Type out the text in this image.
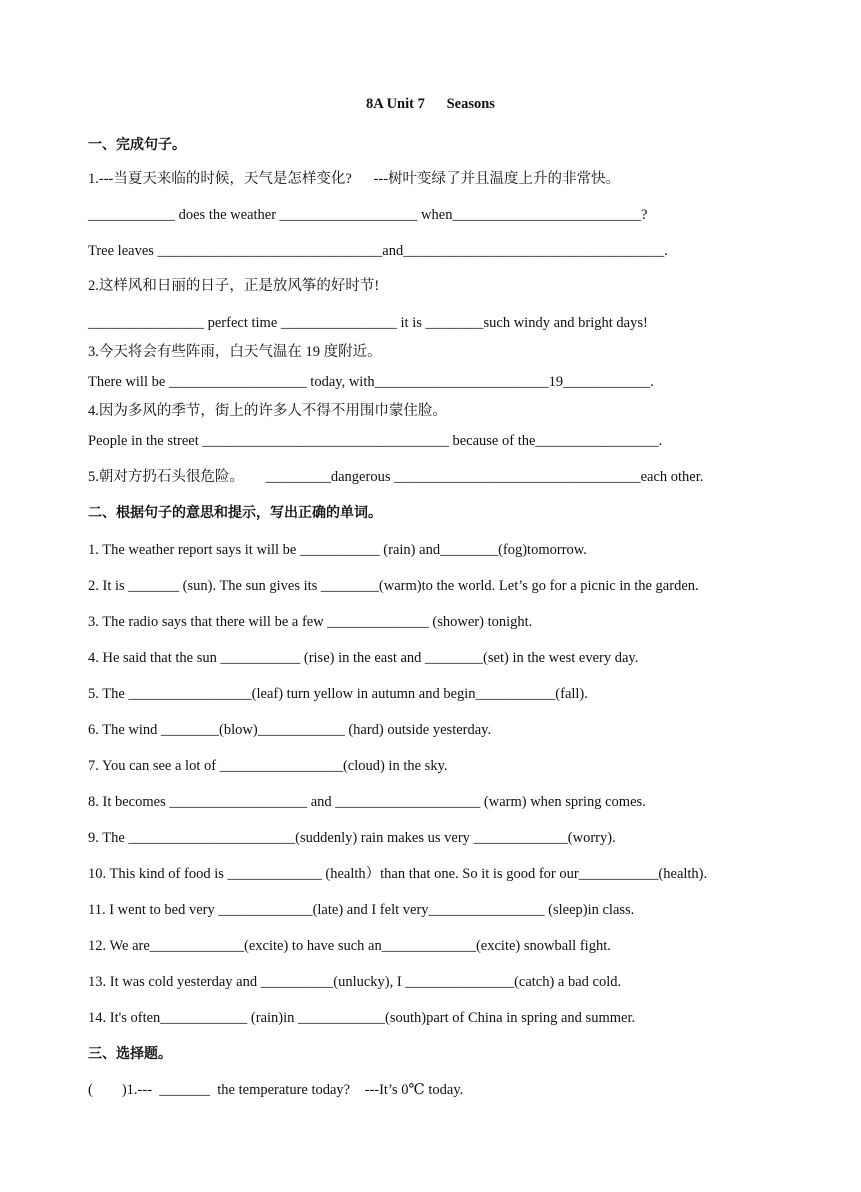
8A Unit 7      Seasons
一、完成句子。
1.---当夏天来临的时候，天气是怎样变化?      ---树叶变绿了并且温度上升的非常快。
____________ does the weather ___________________ when__________________________?
Tree leaves _______________________________and____________________________________.
2.这样风和日丽的日子，正是放风筝的好时节!
________________ perfect time ________________ it is ________such windy and bright days!
3.今天将会有些阵雨，白天气温在 19 度附近。
There will be ___________________ today, with________________________19____________.
4.因为多风的季节，街上的许多人不得不用围巾蒙住脸。
People in the street __________________________________ because of the_________________.
5.朝对方扔石头很危险。      _________dangerous __________________________________each other.
二、根据句子的意思和提示，写出正确的单词。
1. The weather report says it will be ___________ (rain) and________(fog)tomorrow.
2. It is _______ (sun). The sun gives its ________(warm)to the world. Let’s go for a picnic in the garden.
3. The radio says that there will be a few ______________ (shower) tonight.
4. He said that the sun ___________ (rise) in the east and ________(set) in the west every day.
5. The _________________(leaf) turn yellow in autumn and begin___________(fall).
6. The wind ________(blow)____________ (hard) outside yesterday.
7. You can see a lot of _________________(cloud) in the sky.
8. It becomes ___________________ and ____________________ (warm) when spring comes.
9. The _______________________(suddenly) rain makes us very _____________(worry).
10. This kind of food is _____________ (health）than that one. So it is good for our___________(health).
11. I went to bed very _____________(late) and I felt very________________ (sleep)in class.
12. We are_____________(excite) to have such an_____________(excite) snowball fight.
13. It was cold yesterday and __________(unlucky), I _______________(catch) a bad cold.
14. It's often____________ (rain)in ____________(south)part of China in spring and summer.
三、选择题。
(        )1.---  _______  the temperature today?    ---It’s 0℃ today.
